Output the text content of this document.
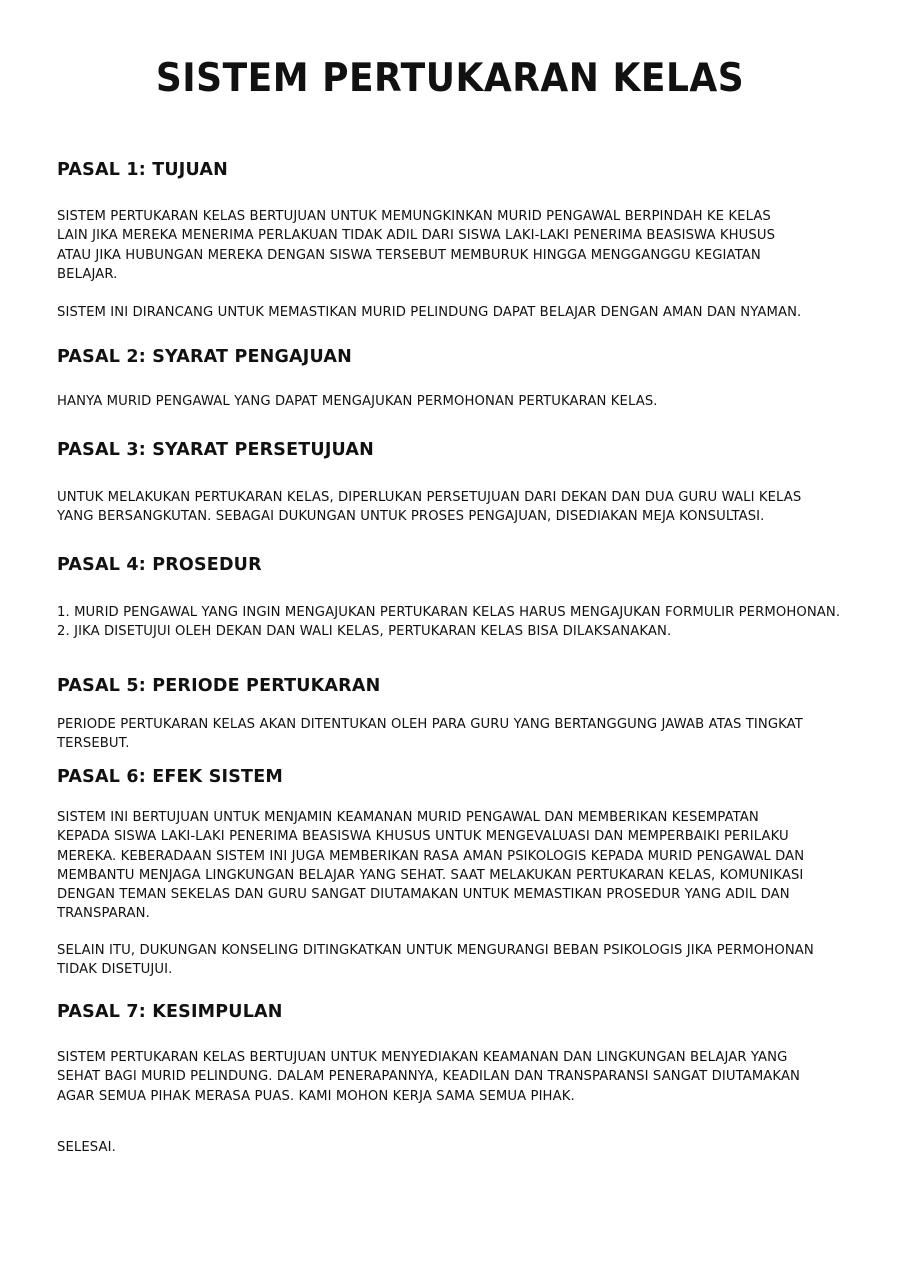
SISTEM PERTUKARAN KELAS
PASAL 1: TUJUAN
SISTEM PERTUKARAN KELAS BERTUJUAN UNTUK MEMUNGKINKAN MURID PENGAWAL BERPINDAH KE KELAS
LAIN JIKA MEREKA MENERIMA PERLAKUAN TIDAK ADIL DARI SISWA LAKI-LAKI PENERIMA BEASISWA KHUSUS
ATAU JIKA HUBUNGAN MEREKA DENGAN SISWA TERSEBUT MEMBURUK HINGGA MENGGANGGU KEGIATAN
BELAJAR.
SISTEM INI DIRANCANG UNTUK MEMASTIKAN MURID PELINDUNG DAPAT BELAJAR DENGAN AMAN DAN NYAMAN.
PASAL 2: SYARAT PENGAJUAN
HANYA MURID PENGAWAL YANG DAPAT MENGAJUKAN PERMOHONAN PERTUKARAN KELAS.
PASAL 3: SYARAT PERSETUJUAN
UNTUK MELAKUKAN PERTUKARAN KELAS, DIPERLUKAN PERSETUJUAN DARI DEKAN DAN DUA GURU WALI KELAS
YANG BERSANGKUTAN. SEBAGAI DUKUNGAN UNTUK PROSES PENGAJUAN, DISEDIAKAN MEJA KONSULTASI.
PASAL 4: PROSEDUR
1. MURID PENGAWAL YANG INGIN MENGAJUKAN PERTUKARAN KELAS HARUS MENGAJUKAN FORMULIR PERMOHONAN.
2. JIKA DISETUJUI OLEH DEKAN DAN WALI KELAS, PERTUKARAN KELAS BISA DILAKSANAKAN.
PASAL 5: PERIODE PERTUKARAN
PERIODE PERTUKARAN KELAS AKAN DITENTUKAN OLEH PARA GURU YANG BERTANGGUNG JAWAB ATAS TINGKAT
TERSEBUT.
PASAL 6: EFEK SISTEM
SISTEM INI BERTUJUAN UNTUK MENJAMIN KEAMANAN MURID PENGAWAL DAN MEMBERIKAN KESEMPATAN
KEPADA SISWA LAKI-LAKI PENERIMA BEASISWA KHUSUS UNTUK MENGEVALUASI DAN MEMPERBAIKI PERILAKU
MEREKA. KEBERADAAN SISTEM INI JUGA MEMBERIKAN RASA AMAN PSIKOLOGIS KEPADA MURID PENGAWAL DAN
MEMBANTU MENJAGA LINGKUNGAN BELAJAR YANG SEHAT. SAAT MELAKUKAN PERTUKARAN KELAS, KOMUNIKASI
DENGAN TEMAN SEKELAS DAN GURU SANGAT DIUTAMAKAN UNTUK MEMASTIKAN PROSEDUR YANG ADIL DAN
TRANSPARAN.
SELAIN ITU, DUKUNGAN KONSELING DITINGKATKAN UNTUK MENGURANGI BEBAN PSIKOLOGIS JIKA PERMOHONAN
TIDAK DISETUJUI.
PASAL 7: KESIMPULAN
SISTEM PERTUKARAN KELAS BERTUJUAN UNTUK MENYEDIAKAN KEAMANAN DAN LINGKUNGAN BELAJAR YANG
SEHAT BAGI MURID PELINDUNG. DALAM PENERAPANNYA, KEADILAN DAN TRANSPARANSI SANGAT DIUTAMAKAN
AGAR SEMUA PIHAK MERASA PUAS. KAMI MOHON KERJA SAMA SEMUA PIHAK.
SELESAI.
